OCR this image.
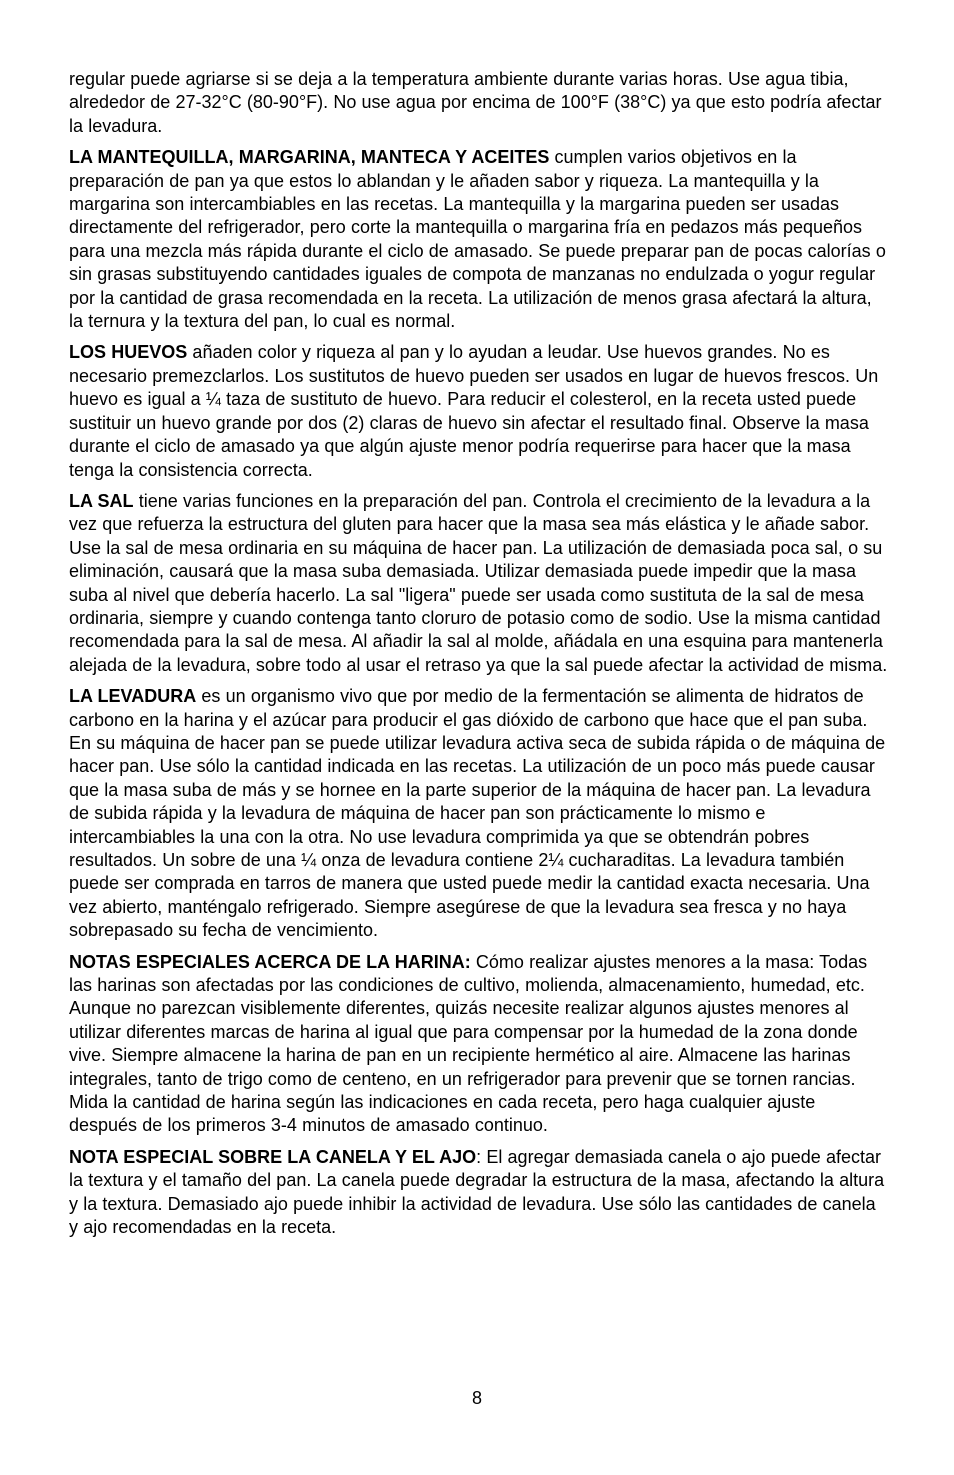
regular puede agriarse si se deja a la temperatura ambiente durante varias horas. Use agua tibia, alrededor de 27-32°C (80-90°F). No use agua por encima de 100°F (38°C) ya que esto podría afectar la levadura.

LA MANTEQUILLA, MARGARINA, MANTECA Y ACEITES cumplen varios objetivos en la preparación de pan ya que estos lo ablandan y le añaden sabor y riqueza. La mantequilla y la margarina son intercambiables en las recetas. La mantequilla y la margarina pueden ser usadas directamente del refrigerador, pero corte la mantequilla o margarina fría en pedazos más pequeños para una mezcla más rápida durante el ciclo de amasado. Se puede preparar pan de pocas calorías o sin grasas substituyendo cantidades iguales de compota de manzanas no endulzada o yogur regular por la cantidad de grasa recomendada en la receta. La utilización de menos grasa afectará la altura, la ternura y la textura del pan, lo cual es normal.

LOS HUEVOS añaden color y riqueza al pan y lo ayudan a leudar. Use huevos grandes. No es necesario premezclarlos. Los sustitutos de huevo pueden ser usados en lugar de huevos frescos. Un huevo es igual a ¼ taza de sustituto de huevo. Para reducir el colesterol, en la receta usted puede sustituir un huevo grande por dos (2) claras de huevo sin afectar el resultado final. Observe la masa durante el ciclo de amasado ya que algún ajuste menor podría requerirse para hacer que la masa tenga la consistencia correcta.

LA SAL tiene varias funciones en la preparación del pan. Controla el crecimiento de la levadura a la vez que refuerza la estructura del gluten para hacer que la masa sea más elástica y le añade sabor. Use la sal de mesa ordinaria en su máquina de hacer pan. La utilización de demasiada poca sal, o su eliminación, causará que la masa suba demasiada. Utilizar demasiada puede impedir que la masa suba al nivel que debería hacerlo. La sal "ligera" puede ser usada como sustituta de la sal de mesa ordinaria, siempre y cuando contenga tanto cloruro de potasio como de sodio. Use la misma cantidad recomendada para la sal de mesa. Al añadir la sal al molde, añádala en una esquina para mantenerla alejada de la levadura, sobre todo al usar el retraso ya que la sal puede afectar la actividad de misma.

LA LEVADURA es un organismo vivo que por medio de la fermentación se alimenta de hidratos de carbono en la harina y el azúcar para producir el gas dióxido de carbono que hace que el pan suba. En su máquina de hacer pan se puede utilizar levadura activa seca de subida rápida o de máquina de hacer pan. Use sólo la cantidad indicada en las recetas. La utilización de un poco más puede causar que la masa suba de más y se hornee en la parte superior de la máquina de hacer pan. La levadura de subida rápida y la levadura de máquina de hacer pan son prácticamente lo mismo e intercambiables la una con la otra. No use levadura comprimida ya que se obtendrán pobres resultados. Un sobre de una ¼ onza de levadura contiene 2¼ cucharaditas. La levadura también puede ser comprada en tarros de manera que usted puede medir la cantidad exacta necesaria. Una vez abierto, manténgalo refrigerado. Siempre asegúrese de que la levadura sea fresca y no haya sobrepasado su fecha de vencimiento.

NOTAS ESPECIALES ACERCA DE LA HARINA: Cómo realizar ajustes menores a la masa: Todas las harinas son afectadas por las condiciones de cultivo, molienda, almacenamiento, humedad, etc. Aunque no parezcan visiblemente diferentes, quizás necesite realizar algunos ajustes menores al utilizar diferentes marcas de harina al igual que para compensar por la humedad de la zona donde vive. Siempre almacene la harina de pan en un recipiente hermético al aire. Almacene las harinas integrales, tanto de trigo como de centeno, en un refrigerador para prevenir que se tornen rancias. Mida la cantidad de harina según las indicaciones en cada receta, pero haga cualquier ajuste después de los primeros 3-4 minutos de amasado continuo.

NOTA ESPECIAL SOBRE LA CANELA Y EL AJO: El agregar demasiada canela o ajo puede afectar la textura y el tamaño del pan. La canela puede degradar la estructura de la masa, afectando la altura y la textura. Demasiado ajo puede inhibir la actividad de levadura. Use sólo las cantidades de canela y ajo recomendadas en la receta.

8
